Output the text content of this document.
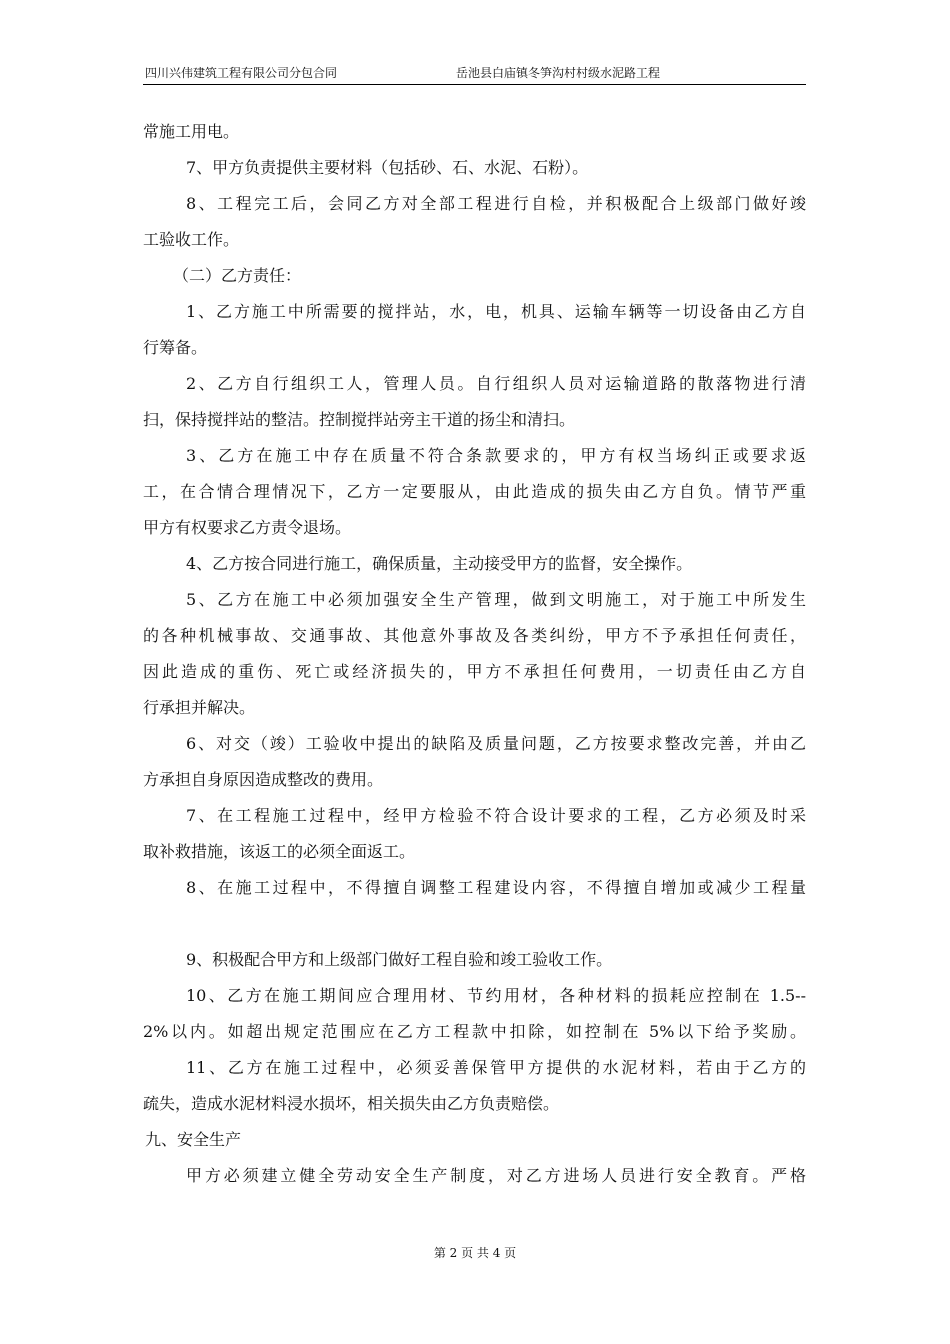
四川兴伟建筑工程有限公司分包合同	岳池县白庙镇冬笋沟村村级水泥路工程
常施工用电。
7、甲方负责提供主要材料（包括砂、石、水泥、石粉）。
8、工程完工后，会同乙方对全部工程进行自检，并积极配合上级部门做好竣
工验收工作。
（二）乙方责任：
1、乙方施工中所需要的搅拌站，水，电，机具、运输车辆等一切设备由乙方自
行筹备。
2、乙方自行组织工人，管理人员。自行组织人员对运输道路的散落物进行清
扫，保持搅拌站的整洁。控制搅拌站旁主干道的扬尘和清扫。
3、乙方在施工中存在质量不符合条款要求的，甲方有权当场纠正或要求返
工，在合情合理情况下，乙方一定要服从，由此造成的损失由乙方自负。情节严重
甲方有权要求乙方责令退场。
4、乙方按合同进行施工，确保质量，主动接受甲方的监督，安全操作。
5、乙方在施工中必须加强安全生产管理，做到文明施工，对于施工中所发生
的各种机械事故、交通事故、其他意外事故及各类纠纷，甲方不予承担任何责任，
因此造成的重伤、死亡或经济损失的，甲方不承担任何费用，一切责任由乙方自
行承担并解决。
6、对交（竣）工验收中提出的缺陷及质量问题，乙方按要求整改完善，并由乙
方承担自身原因造成整改的费用。
7、在工程施工过程中，经甲方检验不符合设计要求的工程，乙方必须及时采
取补救措施，该返工的必须全面返工。
8、在施工过程中，不得擅自调整工程建设内容，不得擅自增加或减少工程量
9、积极配合甲方和上级部门做好工程自验和竣工验收工作。
10、乙方在施工期间应合理用材、节约用材，各种材料的损耗应控制在 1.5--
2%以内。如超出规定范围应在乙方工程款中扣除，如控制在 5%以下给予奖励。
11、乙方在施工过程中，必须妥善保管甲方提供的水泥材料，若由于乙方的
疏失，造成水泥材料浸水损坏，相关损失由乙方负责赔偿。
九、安全生产
甲方必须建立健全劳动安全生产制度，对乙方进场人员进行安全教育。严格
第 2 页 共 4 页
